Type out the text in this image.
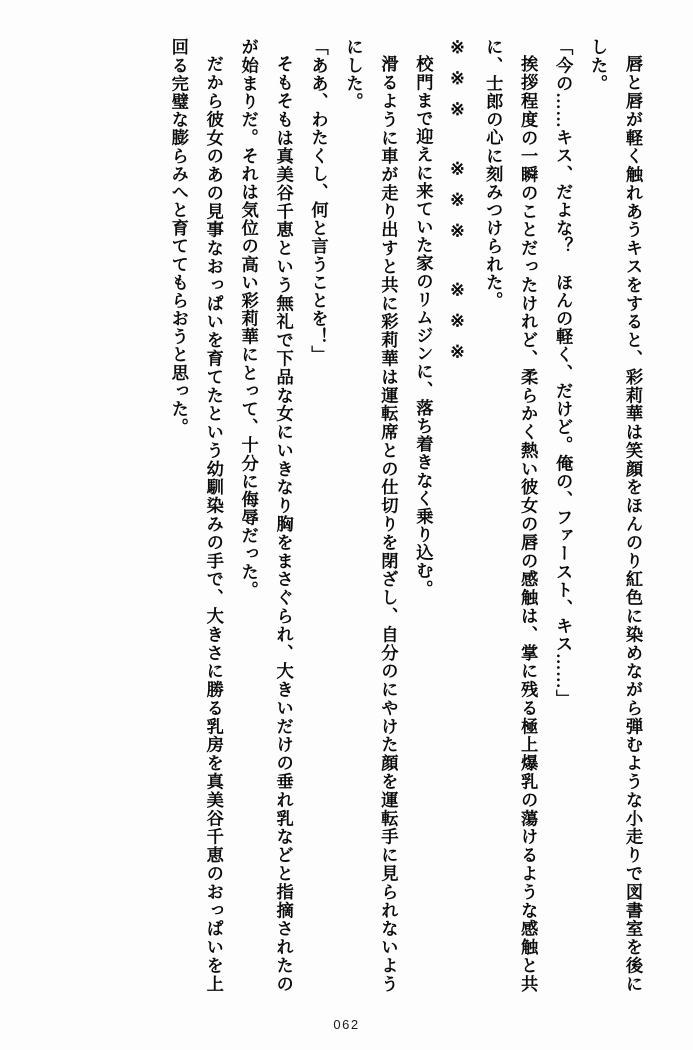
唇と唇が軽く触れあうキスをすると、彩莉華は笑顔をほんのり紅色に染めながら弾むような小走りで図書室を後にした。

「今の……キス、だよな？　ほんの軽く、だけど。俺の、ファースト、キス……」

挨拶程度の一瞬のことだったけれど、柔らかく熱い彼女の唇の感触は、掌に残る極上爆乳の蕩けるような感触と共に、士郎の心に刻みつけられた。

※※※　※※※　※※※

校門まで迎えに来ていた家のリムジンに、落ち着きなく乗り込む。

滑るように車が走り出すと共に彩莉華は運転席との仕切りを閉ざし、自分のにやけた顔を運転手に見られないようにした。

「ああ、わたくし、何と言うことを！」

そもそもは真美谷千恵という無礼で下品な女にいきなり胸をまさぐられ、大きいだけの垂れ乳などと指摘されたのが始まりだ。それは気位の高い彩莉華にとって、十分に侮辱だった。

だから彼女のあの見事なおっぱいを育てたという幼馴染みの手で、大きさに勝る乳房を真美谷千恵のおっぱいを上回る完璧な膨らみへと育ててもらおうと思った。

062
